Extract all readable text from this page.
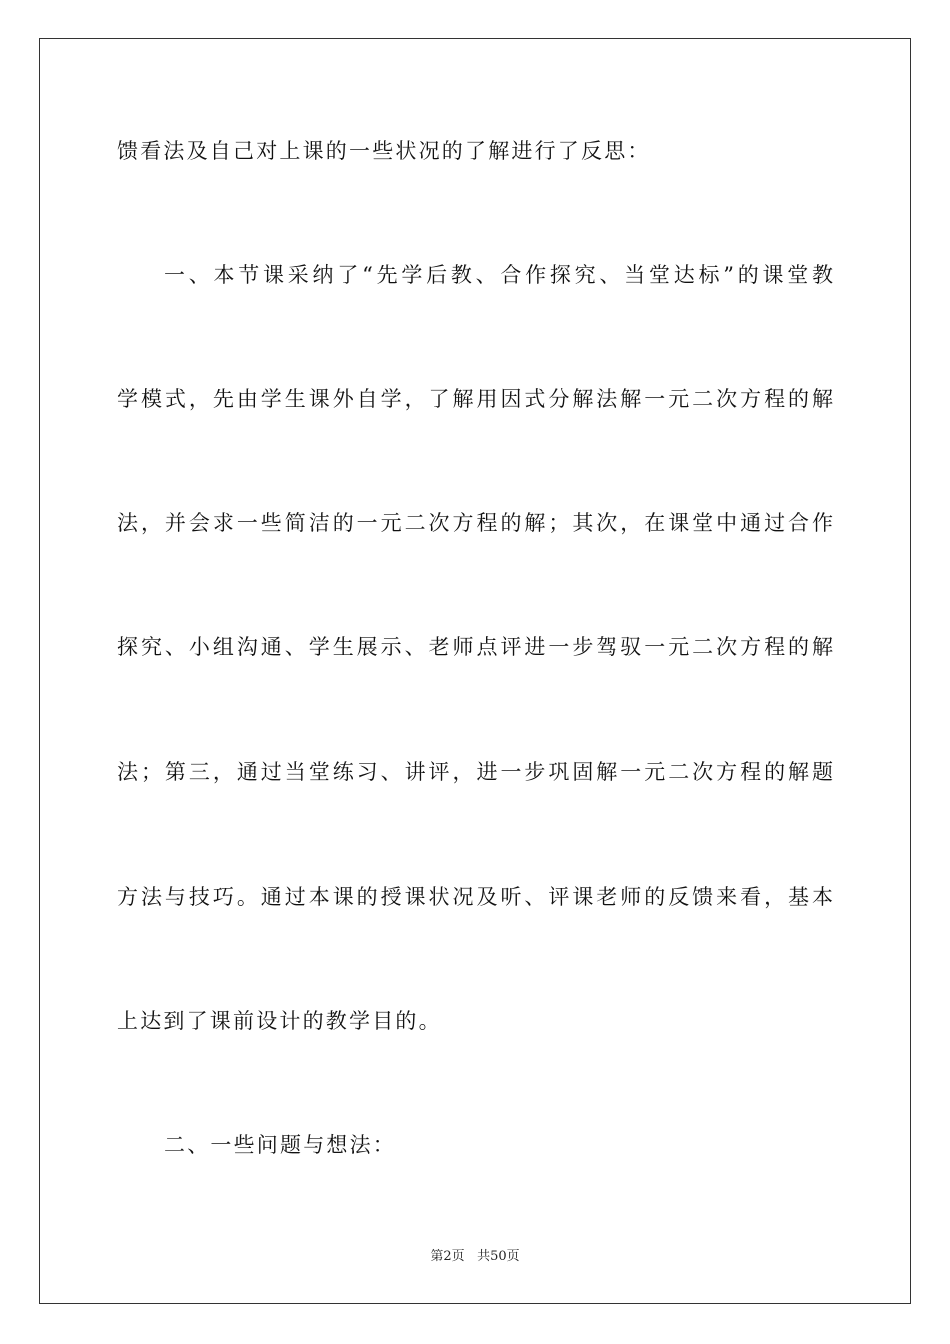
馈看法及自己对上课的一些状况的了解进行了反思：
一、本节课采纳了“先学后教、合作探究、当堂达标”的课堂教
学模式，先由学生课外自学，了解用因式分解法解一元二次方程的解
法，并会求一些简洁的一元二次方程的解；其次，在课堂中通过合作
探究、小组沟通、学生展示、老师点评进一步驾驭一元二次方程的解
法；第三，通过当堂练习、讲评，进一步巩固解一元二次方程的解题
方法与技巧。通过本课的授课状况及听、评课老师的反馈来看，基本
上达到了课前设计的教学目的。
二、一些问题与想法：
第2页 共50页
